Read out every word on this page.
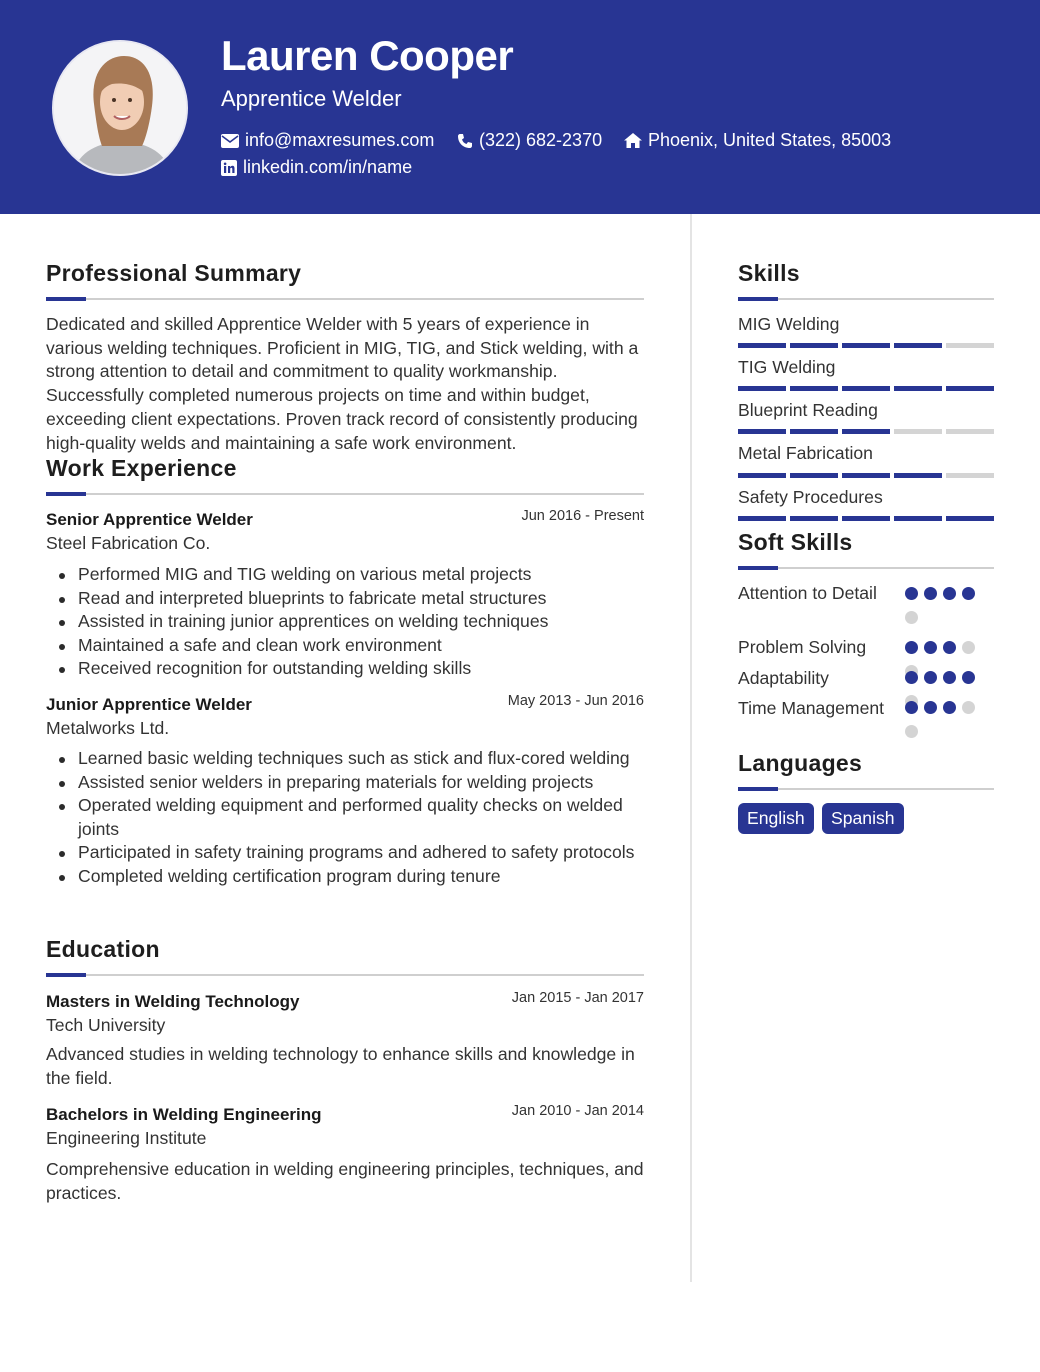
Lauren Cooper
Apprentice Welder
info@maxresumes.com (322) 682-2370	Phoenix, United States, 85003
linkedin.com/in/name
Professional Summary
Dedicated and skilled Apprentice Welder with 5 years of experience in various welding techniques. Proficient in MIG, TIG, and Stick welding, with a strong attention to detail and commitment to quality workmanship. Successfully completed numerous projects on time and within budget, exceeding client expectations. Proven track record of consistently producing high-quality welds and maintaining a safe work environment.
Work Experience
Senior Apprentice Welder	Jun 2016 - Present
Steel Fabrication Co.
Performed MIG and TIG welding on various metal projects
Read and interpreted blueprints to fabricate metal structures
Assisted in training junior apprentices on welding techniques
Maintained a safe and clean work environment
Received recognition for outstanding welding skills
Junior Apprentice Welder	May 2013 - Jun 2016
Metalworks Ltd.
Learned basic welding techniques such as stick and flux-cored welding
Assisted senior welders in preparing materials for welding projects
Operated welding equipment and performed quality checks on welded joints
Participated in safety training programs and adhered to safety protocols
Completed welding certification program during tenure
Education
Masters in Welding Technology	Jan 2015 - Jan 2017
Tech University
Advanced studies in welding technology to enhance skills and knowledge in the field.
Bachelors in Welding Engineering	Jan 2010 - Jan 2014
Engineering Institute
Comprehensive education in welding engineering principles, techniques, and practices.
Skills
MIG Welding
TIG Welding
Blueprint Reading
Metal Fabrication
Safety Procedures
Soft Skills
Attention to Detail
Problem Solving
Adaptability
Time Management
Languages
English	Spanish
